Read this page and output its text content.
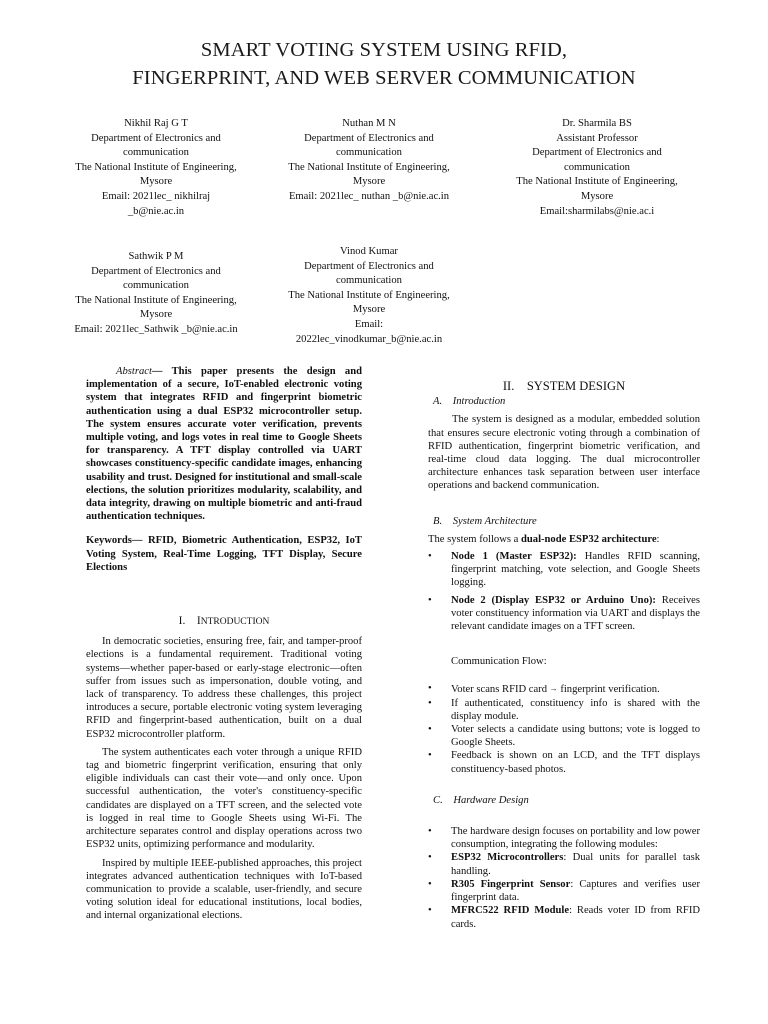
SMART VOTING SYSTEM USING RFID,
FINGERPRINT, AND WEB SERVER COMMUNICATION
Nikhil Raj G T
Department of Electronics and
communication
The National Institute of Engineering,
Mysore
Email: 2021lec_ nikhilraj
_b@nie.ac.in
Nuthan M N
Department of Electronics and
communication
The National Institute of Engineering,
Mysore
Email: 2021lec_ nuthan _b@nie.ac.in
Dr. Sharmila BS
Assistant Professor
Department of Electronics and
communication
The National Institute of Engineering,
Mysore
Email:sharmilabs@nie.ac.i
Sathwik P M
Department of Electronics and
communication
The National Institute of Engineering,
Mysore
Email: 2021lec_Sathwik _b@nie.ac.in
Vinod Kumar
Department of Electronics and
communication
The National Institute of Engineering,
Mysore
Email:
2022lec_vinodkumar_b@nie.ac.in

Abstract— This paper presents the design and implementation of a secure, IoT-enabled electronic voting system that integrates RFID and fingerprint biometric authentication using a dual ESP32 microcontroller setup. The system ensures accurate voter verification, prevents multiple voting, and logs votes in real time to Google Sheets for transparency. A TFT display controlled via UART showcases constituency-specific candidate images, enhancing usability and trust. Designed for institutional and small-scale elections, the solution prioritizes modularity, scalability, and data integrity, drawing on multiple biometric and anti-fraud authentication techniques.

Keywords— RFID, Biometric Authentication, ESP32, IoT Voting System, Real-Time Logging, TFT Display, Secure Elections

I. INTRODUCTION

In democratic societies, ensuring free, fair, and tamper-proof elections is a fundamental requirement. Traditional voting systems—whether paper-based or early-stage electronic—often suffer from issues such as impersonation, double voting, and lack of transparency. To address these challenges, this project introduces a secure, portable electronic voting system leveraging RFID and fingerprint-based authentication, built on a dual ESP32 microcontroller platform.

The system authenticates each voter through a unique RFID tag and biometric fingerprint verification, ensuring that only eligible individuals can cast their vote—and only once. Upon successful authentication, the voter's constituency-specific candidates are displayed on a TFT screen, and the selected vote is logged in real time to Google Sheets using Wi-Fi. The architecture separates control and display operations across two ESP32 units, optimizing performance and modularity.

Inspired by multiple IEEE-published approaches, this project integrates advanced authentication techniques with IoT-based communication to provide a scalable, user-friendly, and secure voting solution ideal for educational institutions, local bodies, and internal organizational elections.

II. SYSTEM DESIGN

A. Introduction

The system is designed as a modular, embedded solution that ensures secure electronic voting through a combination of RFID authentication, fingerprint biometric verification, and real-time cloud data logging. The dual microcontroller architecture enhances task separation between user interface operations and backend communication.

B. System Architecture

The system follows a dual-node ESP32 architecture:

• Node 1 (Master ESP32): Handles RFID scanning, fingerprint matching, vote selection, and Google Sheets logging.
• Node 2 (Display ESP32 or Arduino Uno): Receives voter constituency information via UART and displays the relevant candidate images on a TFT screen.

Communication Flow:

• Voter scans RFID card → fingerprint verification.
• If authenticated, constituency info is shared with the display module.
• Voter selects a candidate using buttons; vote is logged to Google Sheets.
• Feedback is shown on an LCD, and the TFT displays constituency-based photos.

C. Hardware Design

• The hardware design focuses on portability and low power consumption, integrating the following modules:
• ESP32 Microcontrollers: Dual units for parallel task handling.
• R305 Fingerprint Sensor: Captures and verifies user fingerprint data.
• MFRC522 RFID Module: Reads voter ID from RFID cards.
